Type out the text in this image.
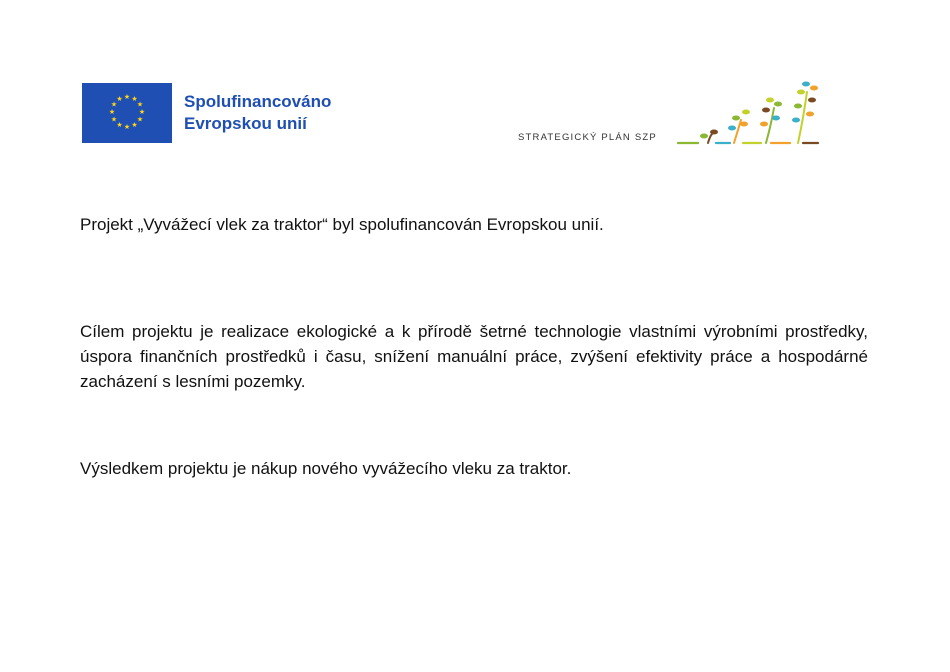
★ ★
★
★
★
★
★
★
★
★
★
★	Spolufinancováno
Evropskou unií
STRATEGICKÝ PLÁN SZP
Projekt „Vyvážecí vlek za traktor“ byl spolufinancován Evropskou unií.
Cílem projektu je realizace ekologické a k přírodě šetrné technologie vlastními výrobními prostředky, úspora finančních prostředků i času, snížení manuální práce, zvýšení efektivity práce a hospodárné zacházení s lesními pozemky.
Výsledkem projektu je nákup nového vyvážecího vleku za traktor.
